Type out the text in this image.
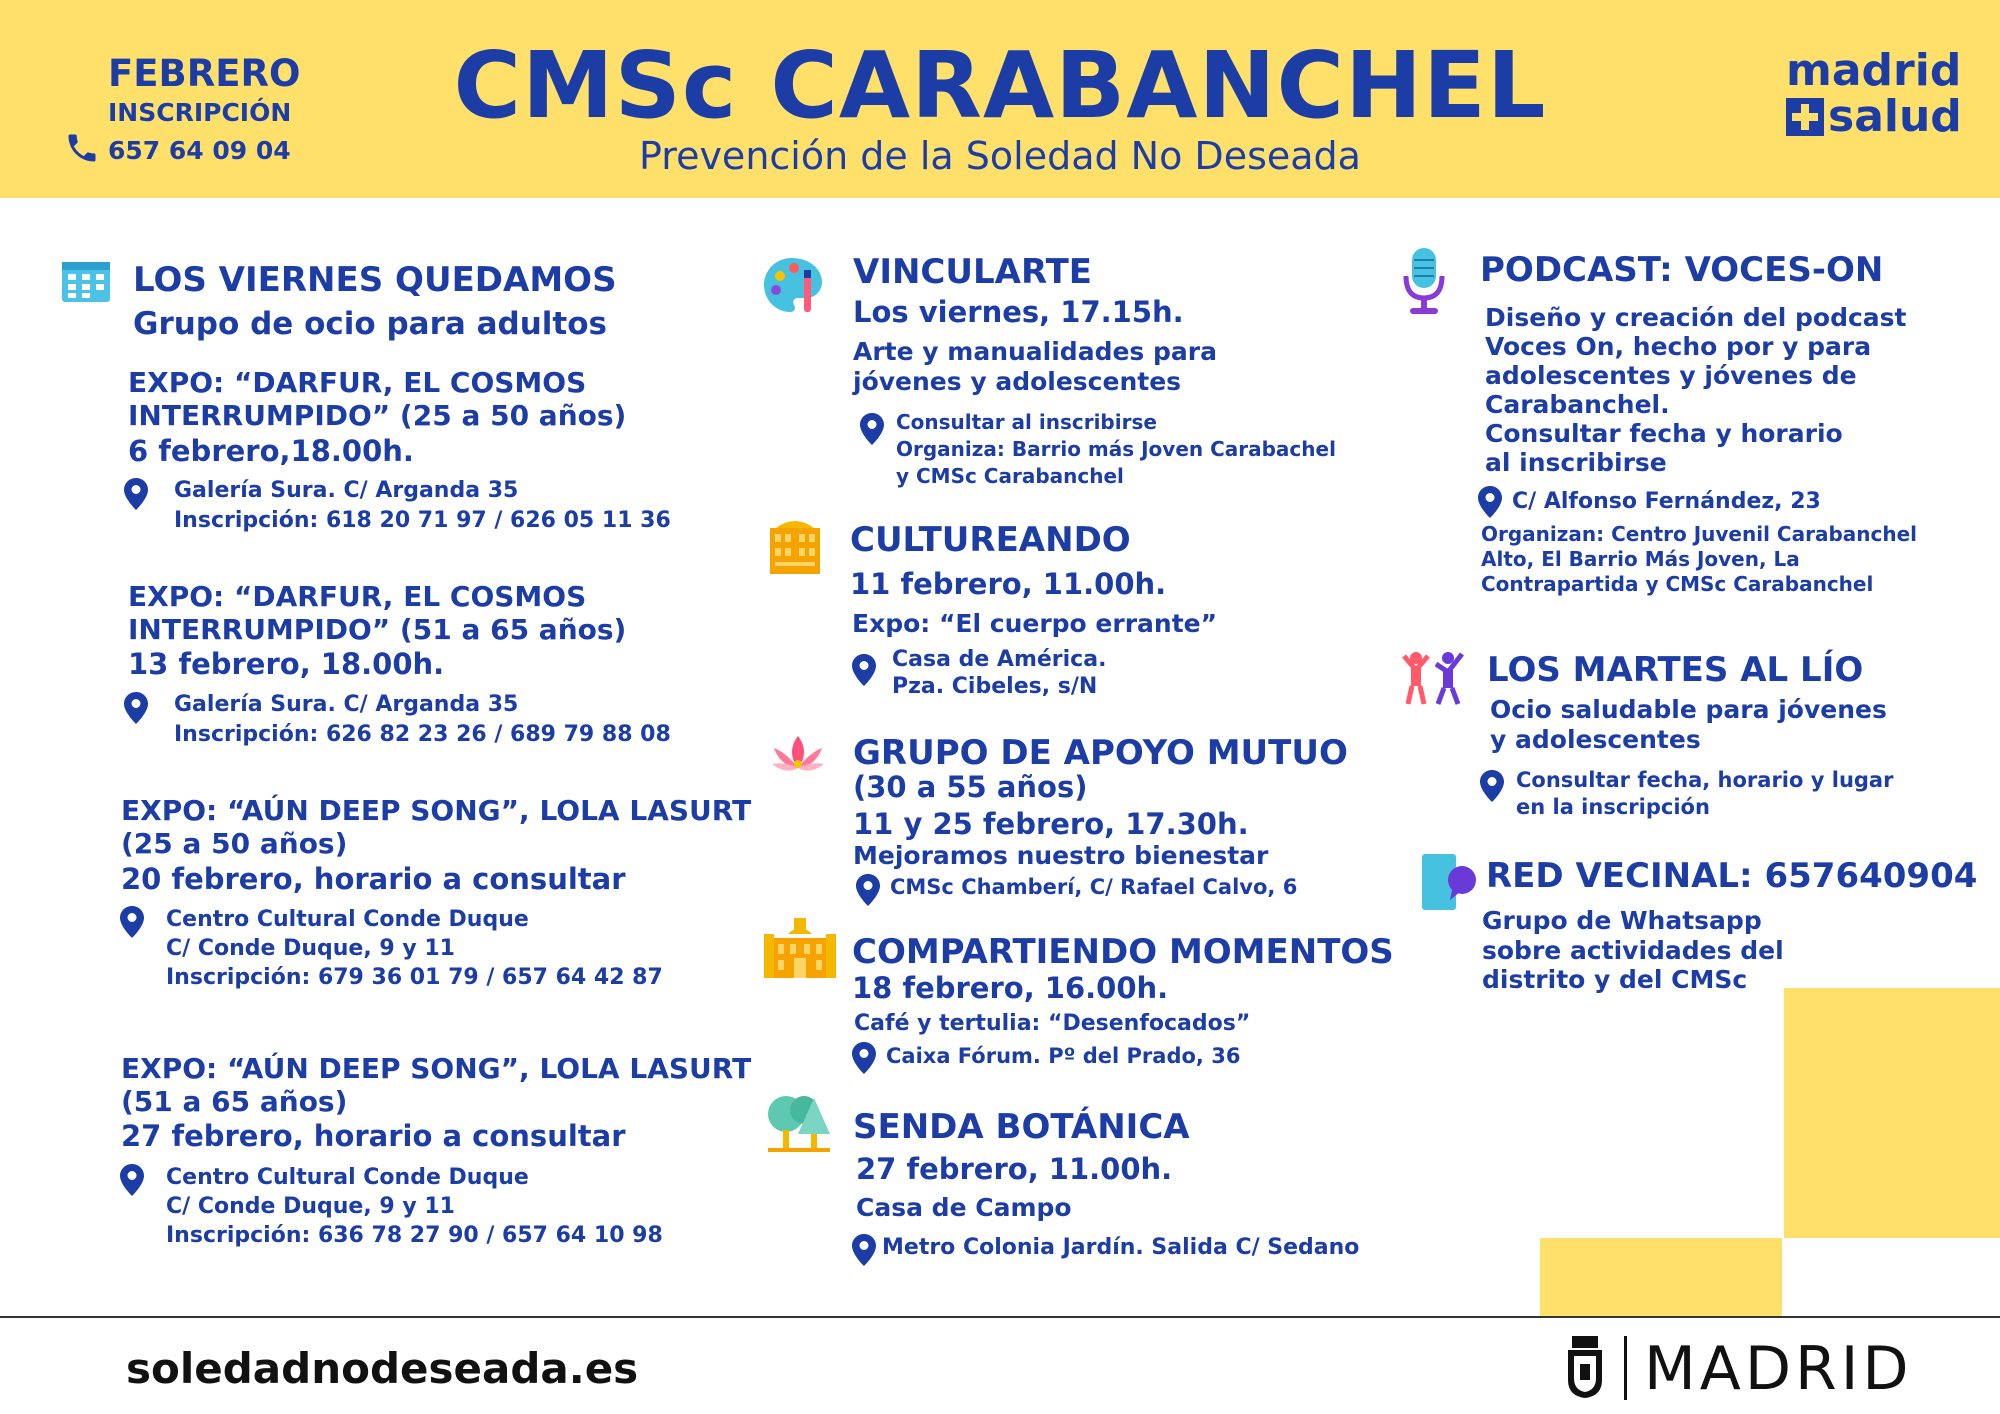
FEBRERO
INSCRIPCIÓN
657 64 09 04
CMSc CARABANCHEL
Prevención de la Soledad No Deseada
madrid
salud
LOS VIERNES QUEDAMOS
Grupo de ocio para adultos
EXPO: “DARFUR, EL COSMOS
INTERRUMPIDO” (25 a 50 años)
6 febrero,18.00h.
Galería Sura. C/ Arganda 35
Inscripción: 618 20 71 97 / 626 05 11 36
EXPO: “DARFUR, EL COSMOS
INTERRUMPIDO” (51 a 65 años)
13 febrero, 18.00h.
Galería Sura. C/ Arganda 35
Inscripción: 626 82 23 26 / 689 79 88 08
EXPO: “AÚN DEEP SONG”, LOLA LASURT
(25 a 50 años)
20 febrero, horario a consultar
Centro Cultural Conde Duque
C/ Conde Duque, 9 y 11
Inscripción: 679 36 01 79 / 657 64 42 87
EXPO: “AÚN DEEP SONG”, LOLA LASURT
(51 a 65 años)
27 febrero, horario a consultar
Centro Cultural Conde Duque
C/ Conde Duque, 9 y 11
Inscripción: 636 78 27 90 / 657 64 10 98
VINCULARTE
Los viernes, 17.15h.
Arte y manualidades para
jóvenes y adolescentes
Consultar al inscribirse
Organiza: Barrio más Joven Carabachel
y CMSc Carabanchel
CULTUREANDO
11 febrero, 11.00h.
Expo: “El cuerpo errante”
Casa de América.
Pza. Cibeles, s/N
GRUPO DE APOYO MUTUO
(30 a 55 años)
11 y 25 febrero, 17.30h.
Mejoramos nuestro bienestar
CMSc Chamberí, C/ Rafael Calvo, 6
COMPARTIENDO MOMENTOS
18 febrero, 16.00h.
Café y tertulia: “Desenfocados”
Caixa Fórum. Pº del Prado, 36
SENDA BOTÁNICA
27 febrero, 11.00h.
Casa de Campo
Metro Colonia Jardín. Salida C/ Sedano
PODCAST: VOCES-ON
Diseño y creación del podcast
Voces On, hecho por y para
adolescentes y jóvenes de
Carabanchel.
Consultar fecha y horario
al inscribirse
C/ Alfonso Fernández, 23
Organizan: Centro Juvenil Carabanchel
Alto, El Barrio Más Joven, La
Contrapartida y CMSc Carabanchel
LOS MARTES AL LÍO
Ocio saludable para jóvenes
y adolescentes
Consultar fecha, horario y lugar
en la inscripción
RED VECINAL: 657640904
Grupo de Whatsapp
sobre actividades del
distrito y del CMSc
soledadnodeseada.es	MADRID
